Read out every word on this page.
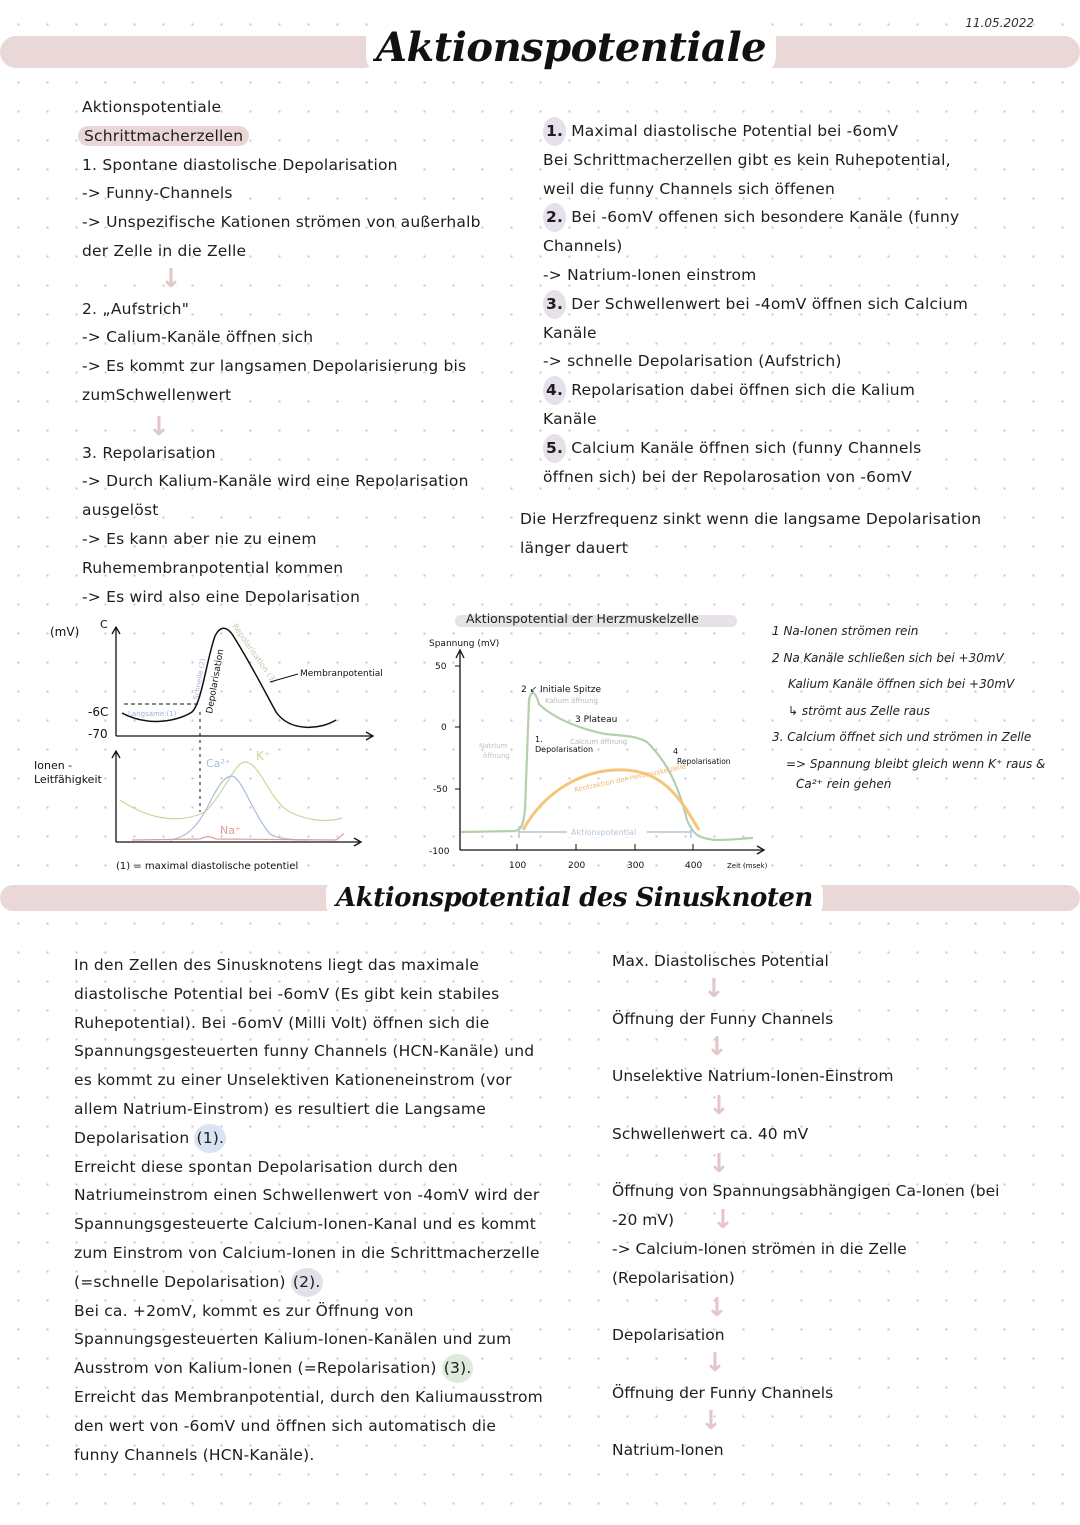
Aktionspotentiale
11.05.2022
Aktionspotentiale
Schrittmacherzellen
1. Spontane diastolische Depolarisation
-> Funny-Channels
-> Unspezifische Kationen strömen von außerhalb
der Zelle in die Zelle
2. „Aufstrich"
-> Calium-Kanäle öffnen sich
-> Es kommt zur langsamen Depolarisierung bis
zumSchwellenwert
3. Repolarisation
-> Durch Kalium-Kanäle wird eine Repolarisation
ausgelöst
-> Es kann aber nie zu einem
Ruhemembranpotential kommen
-> Es wird also eine Depolarisation
↓
↓
1. Maximal diastolische Potential bei -6omV
Bei Schrittmacherzellen gibt es kein Ruhepotential,
weil die funny Channels sich öffenen
2. Bei -6omV offenen sich besondere Kanäle (funny
Channels)
-> Natrium-Ionen einstrom
3. Der Schwellenwert bei -4omV öffnen sich Calcium
Kanäle
-> schnelle Depolarisation (Aufstrich)
4. Repolarisation dabei öffnen sich die Kalium
Kanäle
5. Calcium Kanäle öffnen sich (funny Channels
öffnen sich) bei der Repolarosation von -6omV
Die Herzfrequenz sinkt wenn die langsame Depolarisation
länger dauert
(mV)
C
-6C
-70
Langsame:(1)
Schnelle (2)
Depolarisation Repolarisation (3) Membranpotential
Ionen -
Leitfähigkeit
Ca²⁺
K⁺
Na⁺
(1) = maximal diastolische potentiel
Aktionspotential der Herzmuskelzelle
Spannung (mV)
50
0
-50
-100
100	200	300	400	Zeit (msek)
Kontraktion der Herzmuskelzelle
Aktionspotential
2 ↙ Initiale Spitze
Kalium öffnung
3 Plateau
Calcium öffnung
1.
Depolarisation
Natrium
öffnung	4
Repolarisation
1 Na-Ionen strömen rein
2 Na Kanäle schließen sich bei +30mV
Kalium Kanäle öffnen sich bei +30mV
↳ strömt aus Zelle raus
3. Calcium öffnet sich und strömen in Zelle
=> Spannung bleibt gleich wenn K⁺ raus &
Ca²⁺ rein gehen
Aktionspotential des Sinusknoten
In den Zellen des Sinusknotens liegt das maximale
diastolische Potential bei -6omV (Es gibt kein stabiles
Ruhepotential). Bei -6omV (Milli Volt) öffnen sich die
Spannungsgesteuerten funny Channels (HCN-Kanäle) und
es kommt zu einer Unselektiven Kationeneinstrom (vor
allem Natrium-Einstrom) es resultiert die Langsame
Depolarisation (1).
Erreicht diese spontan Depolarisation durch den
Natriumeinstrom einen Schwellenwert von -4omV wird der
Spannungsgesteuerte Calcium-Ionen-Kanal und es kommt
zum Einstrom von Calcium-Ionen in die Schrittmacherzelle
(=schnelle Depolarisation) (2).
Bei ca. +2omV, kommt es zur Öffnung von
Spannungsgesteuerten Kalium-Ionen-Kanälen und zum
Ausstrom von Kalium-Ionen (=Repolarisation) (3).
Erreicht das Membranpotential, durch den Kaliumausstrom
den wert von -6omV und öffnen sich automatisch die
funny Channels (HCN-Kanäle).
Max. Diastolisches Potential
↓
Öffnung der Funny Channels
↓
Unselektive Natrium-Ionen-Einstrom
↓
Schwellenwert ca. 40 mV
↓
Öffnung von Spannungsabhängigen Ca-Ionen (bei
-20 mV) ↓
-> Calcium-Ionen strömen in die Zelle
(Repolarisation)
↓
Depolarisation
↓
Öffnung der Funny Channels
↓
Natrium-Ionen
